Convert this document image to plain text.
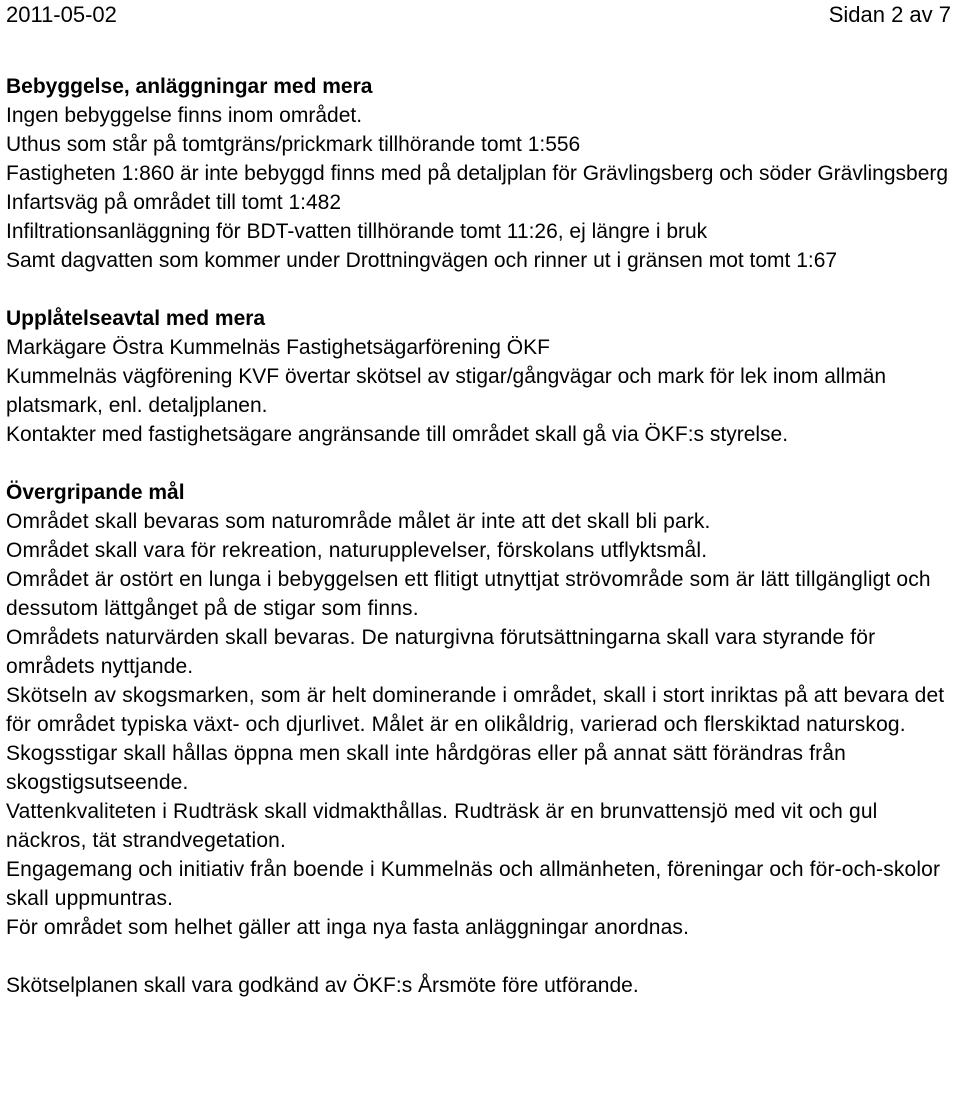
2011-05-02	Sidan 2 av 7

Bebyggelse, anläggningar med mera

Ingen bebyggelse finns inom området.

Uthus som står på tomtgräns/prickmark tillhörande tomt 1:556

Fastigheten 1:860 är inte bebyggd finns med på detaljplan för Grävlingsberg och söder Grävlingsberg

Infartsväg på området till tomt 1:482

Infiltrationsanläggning för BDT-vatten tillhörande tomt 11:26, ej längre i bruk

Samt dagvatten som kommer under Drottningvägen och rinner ut i gränsen mot tomt 1:67

Upplåtelseavtal med mera

Markägare Östra Kummelnäs Fastighetsägarförening ÖKF

Kummelnäs vägförening KVF övertar skötsel av stigar/gångvägar och mark för lek inom allmän platsmark, enl. detaljplanen.

Kontakter med fastighetsägare angränsande till området skall gå via ÖKF:s styrelse.

Övergripande mål

Området skall bevaras som naturområde målet är inte att det skall bli park.

Området skall vara för rekreation, naturupplevelser, förskolans utflyktsmål.

Området är ostört en lunga i bebyggelsen ett flitigt utnyttjat strövområde som är lätt tillgängligt och dessutom lättgånget på de stigar som finns.

Områdets naturvärden skall bevaras. De naturgivna förutsättningarna skall vara styrande för områdets nyttjande.

Skötseln av skogsmarken, som är helt dominerande i området, skall i stort inriktas på att bevara det för området typiska växt- och djurlivet. Målet är en olikåldrig, varierad och flerskiktad naturskog.

Skogsstigar skall hållas öppna men skall inte hårdgöras eller på annat sätt förändras från skogstigsutseende.

Vattenkvaliteten i Rudträsk skall vidmakthållas. Rudträsk är en brunvattensjö med vit och gul näckros, tät strandvegetation.

Engagemang och initiativ från boende i Kummelnäs och allmänheten, föreningar och för-och-skolor skall uppmuntras.

För området som helhet gäller att inga nya fasta anläggningar anordnas.

Skötselplanen skall vara godkänd av ÖKF:s Årsmöte före utförande.
